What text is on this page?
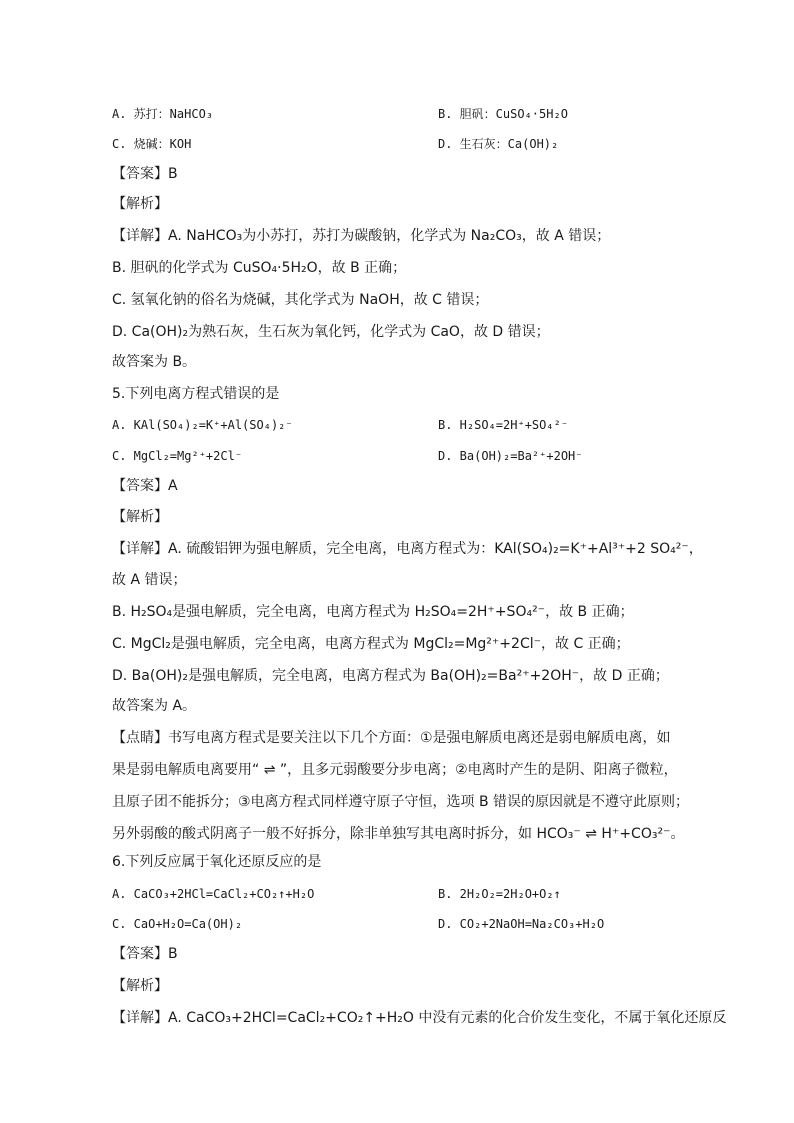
A. 苏打：NaHCO₃	B. 胆矾：CuSO₄·5H₂O
C. 烧碱：KOH	D. 生石灰：Ca(OH)₂
【答案】B
【解析】
【详解】A. NaHCO₃为小苏打，苏打为碳酸钠，化学式为 Na₂CO₃，故 A 错误；
B. 胆矾的化学式为 CuSO₄·5H₂O，故 B 正确；
C. 氢氧化钠的俗名为烧碱，其化学式为 NaOH，故 C 错误；
D. Ca(OH)₂为熟石灰，生石灰为氧化钙，化学式为 CaO，故 D 错误；
故答案为 B。
5.下列电离方程式错误的是
A. KAl(SO₄)₂=K⁺+Al(SO₄)₂⁻	B. H₂SO₄=2H⁺+SO₄²⁻
C. MgCl₂=Mg²⁺+2Cl⁻	D. Ba(OH)₂=Ba²⁺+2OH⁻
【答案】A
【解析】
【详解】A. 硫酸铝钾为强电解质，完全电离，电离方程式为：KAl(SO₄)₂=K⁺+Al³⁺+2 SO₄²⁻，
故 A 错误；
B. H₂SO₄是强电解质，完全电离，电离方程式为 H₂SO₄=2H⁺+SO₄²⁻，故 B 正确；
C. MgCl₂是强电解质，完全电离，电离方程式为 MgCl₂=Mg²⁺+2Cl⁻，故 C 正确；
D. Ba(OH)₂是强电解质，完全电离，电离方程式为 Ba(OH)₂=Ba²⁺+2OH⁻，故 D 正确；
故答案为 A。
【点睛】书写电离方程式是要关注以下几个方面：①是强电解质电离还是弱电解质电离，如
果是弱电解质电离要用“ ⇌ ”，且多元弱酸要分步电离；②电离时产生的是阴、阳离子微粒，
且原子团不能拆分；③电离方程式同样遵守原子守恒，选项 B 错误的原因就是不遵守此原则；
另外弱酸的酸式阴离子一般不好拆分，除非单独写其电离时拆分，如 HCO₃⁻ ⇌ H⁺+CO₃²⁻。
6.下列反应属于氧化还原反应的是
A. CaCO₃+2HCl=CaCl₂+CO₂↑+H₂O	B. 2H₂O₂=2H₂O+O₂↑
C. CaO+H₂O=Ca(OH)₂	D. CO₂+2NaOH=Na₂CO₃+H₂O
【答案】B
【解析】
【详解】A. CaCO₃+2HCl=CaCl₂+CO₂↑+H₂O 中没有元素的化合价发生变化，不属于氧化还原反
